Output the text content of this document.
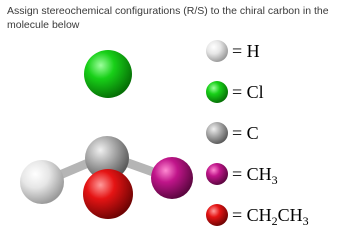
Assign stereochemical configurations (R/S) to the chiral carbon in the molecule below
= H
= Cl
= C
= $CH_3$
= $CH_2CH_3$
